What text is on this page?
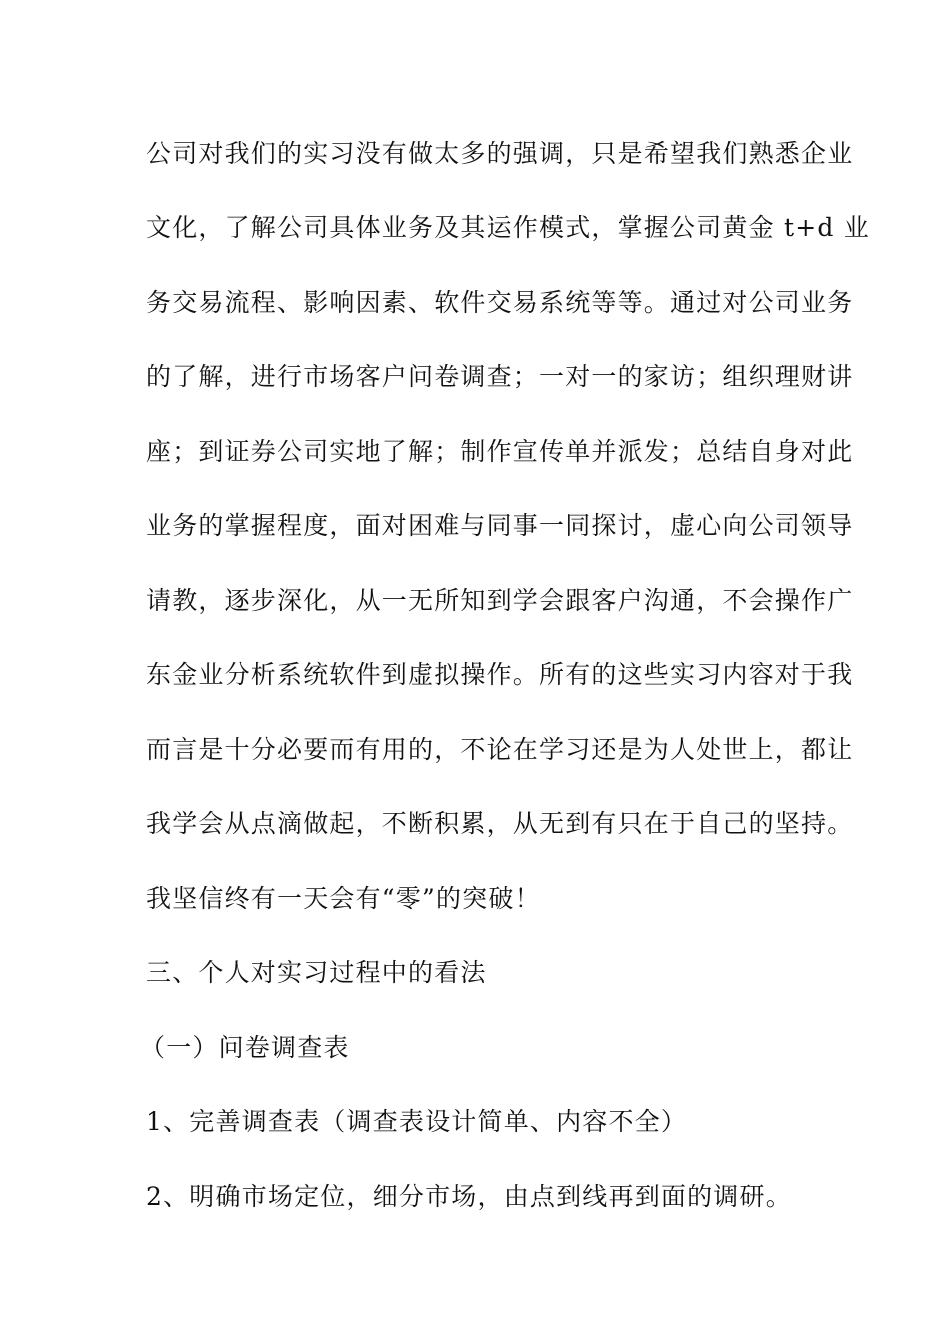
公司对我们的实习没有做太多的强调，只是希望我们熟悉企业
文化，了解公司具体业务及其运作模式，掌握公司黄金 t+d 业
务交易流程、影响因素、软件交易系统等等。通过对公司业务
的了解，进行市场客户问卷调查；一对一的家访；组织理财讲
座；到证券公司实地了解；制作宣传单并派发；总结自身对此
业务的掌握程度，面对困难与同事一同探讨，虚心向公司领导
请教，逐步深化，从一无所知到学会跟客户沟通，不会操作广
东金业分析系统软件到虚拟操作。所有的这些实习内容对于我
而言是十分必要而有用的，不论在学习还是为人处世上，都让
我学会从点滴做起，不断积累，从无到有只在于自己的坚持。
我坚信终有一天会有“零”的突破！
三、个人对实习过程中的看法
（一）问卷调查表
1、完善调查表（调查表设计简单、内容不全）
2、明确市场定位，细分市场，由点到线再到面的调研。
